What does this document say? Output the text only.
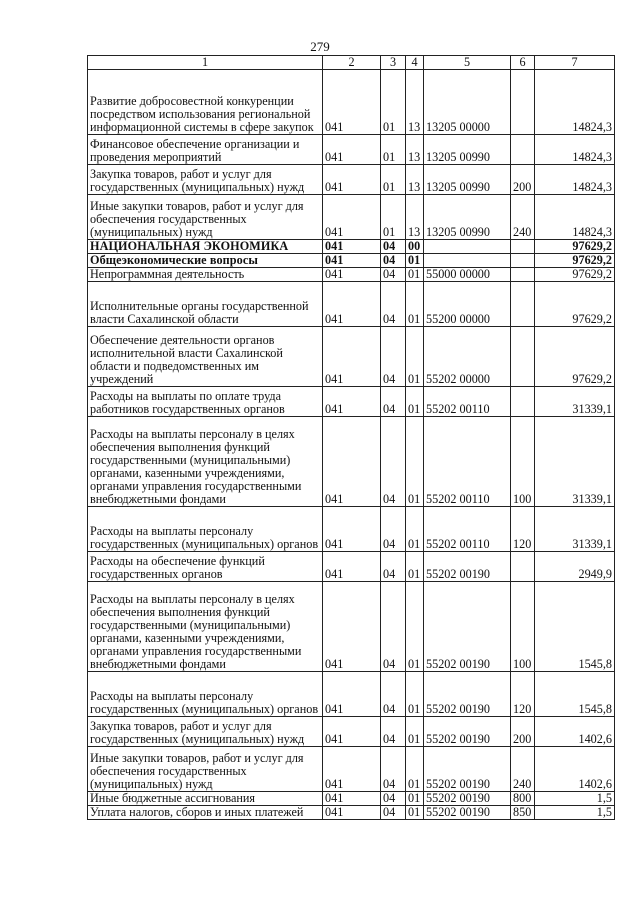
279
1	2	3	4	5	6	7
Развитие добросовестной конкуренции посредством использования региональной информационной системы в сфере закупок	041	01	13	13205 00000		14824,3
Финансовое обеспечение организации и проведения мероприятий	041	01	13	13205 00990		14824,3
Закупка товаров, работ и услуг для государственных (муниципальных) нужд	041	01	13	13205 00990	200	14824,3
Иные закупки товаров, работ и услуг для обеспечения государственных (муниципальных) нужд	041	01	13	13205 00990	240	14824,3
НАЦИОНАЛЬНАЯ ЭКОНОМИКА	041	04	00			97629,2
Общеэкономические вопросы	041	04	01			97629,2
Непрограммная деятельность	041	04	01	55000 00000		97629,2
Исполнительные органы государственной власти Сахалинской области	041	04	01	55200 00000		97629,2
Обеспечение деятельности органов исполнительной власти Сахалинской области и подведомственных им учреждений	041	04	01	55202 00000		97629,2
Расходы на выплаты по оплате труда работников государственных органов	041	04	01	55202 00110		31339,1
Расходы на выплаты персоналу в целях обеспечения выполнения функций государственными (муниципальными) органами, казенными учреждениями, органами управления государственными внебюджетными фондами	041	04	01	55202 00110	100	31339,1
Расходы на выплаты персоналу государственных (муниципальных) органов	041	04	01	55202 00110	120	31339,1
Расходы на обеспечение функций государственных органов	041	04	01	55202 00190		2949,9
Расходы на выплаты персоналу в целях обеспечения выполнения функций государственными (муниципальными) органами, казенными учреждениями, органами управления государственными внебюджетными фондами	041	04	01	55202 00190	100	1545,8
Расходы на выплаты персоналу государственных (муниципальных) органов	041	04	01	55202 00190	120	1545,8
Закупка товаров, работ и услуг для государственных (муниципальных) нужд	041	04	01	55202 00190	200	1402,6
Иные закупки товаров, работ и услуг для обеспечения государственных (муниципальных) нужд	041	04	01	55202 00190	240	1402,6
Иные бюджетные ассигнования	041	04	01	55202 00190	800	1,5
Уплата налогов, сборов и иных платежей	041	04	01	55202 00190	850	1,5
